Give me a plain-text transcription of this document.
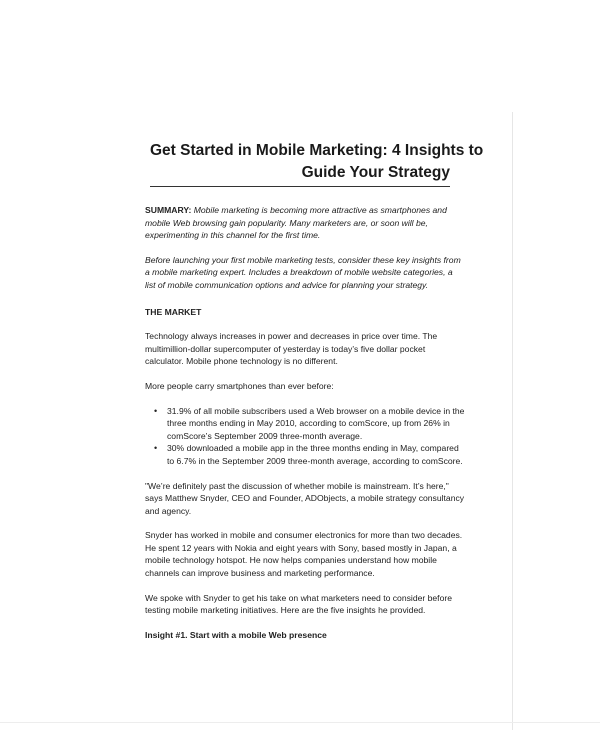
Get Started in Mobile Marketing: 4 Insights to
Guide Your Strategy

SUMMARY: Mobile marketing is becoming more attractive as smartphones and mobile Web browsing gain popularity. Many marketers are, or soon will be, experimenting in this channel for the first time.

Before launching your first mobile marketing tests, consider these key insights from a mobile marketing expert. Includes a breakdown of mobile website categories, a list of mobile communication options and advice for planning your strategy.

THE MARKET

Technology always increases in power and decreases in price over time. The multimillion-dollar supercomputer of yesterday is today’s five dollar pocket calculator. Mobile phone technology is no different.

More people carry smartphones than ever before:

• 31.9% of all mobile subscribers used a Web browser on a mobile device in the three months ending in May 2010, according to comScore, up from 26% in comScore’s September 2009 three-month average.
• 30% downloaded a mobile app in the three months ending in May, compared to 6.7% in the September 2009 three-month average, according to comScore.

"We’re definitely past the discussion of whether mobile is mainstream. It’s here," says Matthew Snyder, CEO and Founder, ADObjects, a mobile strategy consultancy and agency.

Snyder has worked in mobile and consumer electronics for more than two decades. He spent 12 years with Nokia and eight years with Sony, based mostly in Japan, a mobile technology hotspot. He now helps companies understand how mobile channels can improve business and marketing performance.

We spoke with Snyder to get his take on what marketers need to consider before testing mobile marketing initiatives. Here are the five insights he provided.

Insight #1. Start with a mobile Web presence
